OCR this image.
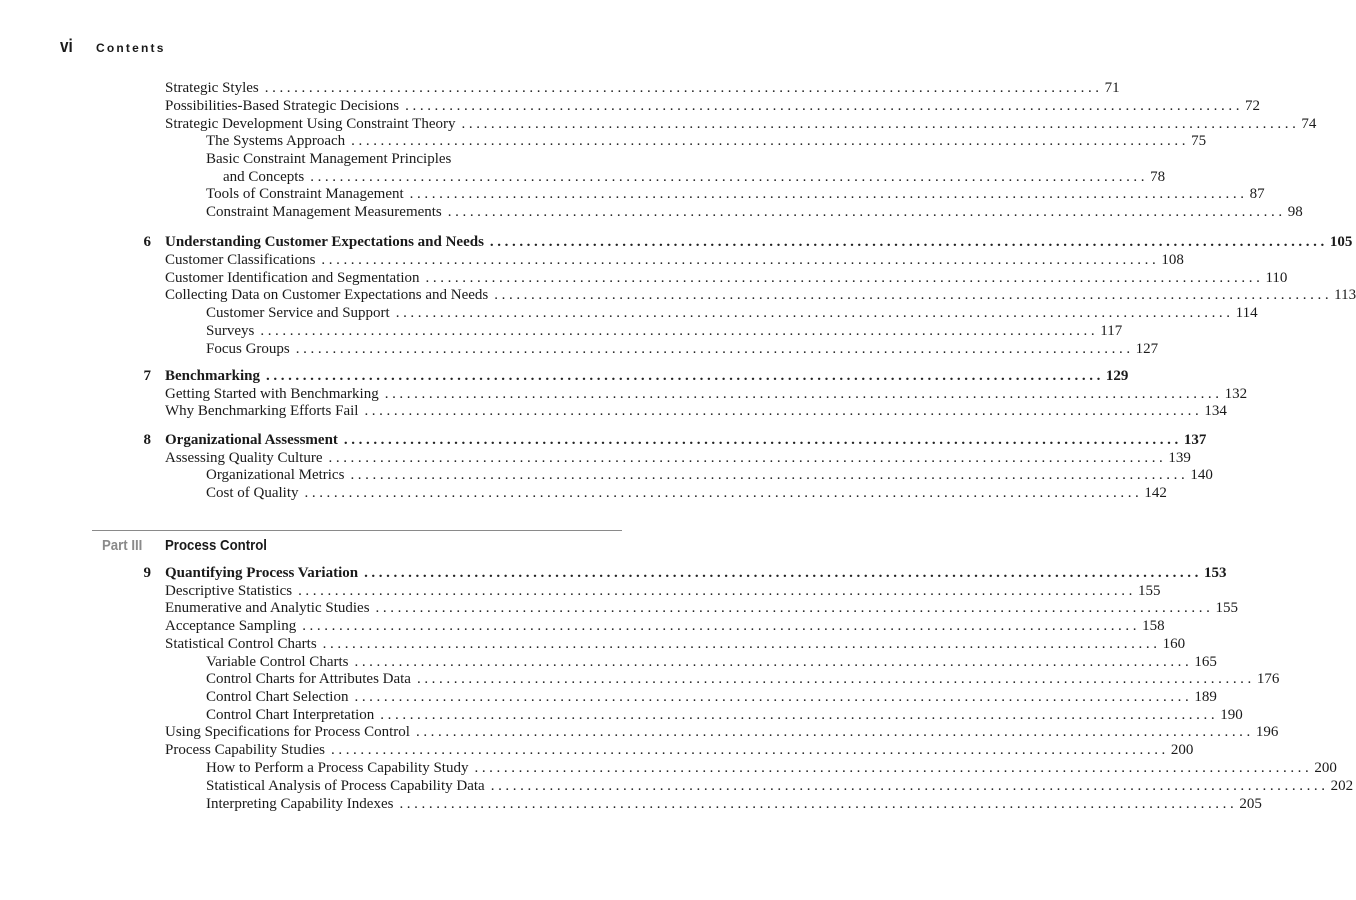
vi	Contents
Strategic Styles .................................................................................................................. 71
Possibilities-Based Strategic Decisions .................................................................................................................. 72
Strategic Development Using Constraint Theory .................................................................................................................. 74
The Systems Approach .................................................................................................................. 75
Basic Constraint Management Principles
and Concepts .................................................................................................................. 78
Tools of Constraint Management .................................................................................................................. 87
Constraint Management Measurements .................................................................................................................. 98
6 Understanding Customer Expectations and Needs .................................................................................................................. 105
Customer Classifications .................................................................................................................. 108
Customer Identification and Segmentation .................................................................................................................. 110
Collecting Data on Customer Expectations and Needs .................................................................................................................. 113
Customer Service and Support .................................................................................................................. 114
Surveys .................................................................................................................. 117
Focus Groups .................................................................................................................. 127
7 Benchmarking .................................................................................................................. 129
Getting Started with Benchmarking .................................................................................................................. 132
Why Benchmarking Efforts Fail .................................................................................................................. 134
8 Organizational Assessment .................................................................................................................. 137
Assessing Quality Culture .................................................................................................................. 139
Organizational Metrics .................................................................................................................. 140
Cost of Quality .................................................................................................................. 142
Part III Process Control
9 Quantifying Process Variation .................................................................................................................. 153
Descriptive Statistics .................................................................................................................. 155
Enumerative and Analytic Studies .................................................................................................................. 155
Acceptance Sampling .................................................................................................................. 158
Statistical Control Charts .................................................................................................................. 160
Variable Control Charts .................................................................................................................. 165
Control Charts for Attributes Data .................................................................................................................. 176
Control Chart Selection .................................................................................................................. 189
Control Chart Interpretation .................................................................................................................. 190
Using Specifications for Process Control .................................................................................................................. 196
Process Capability Studies .................................................................................................................. 200
How to Perform a Process Capability Study .................................................................................................................. 200
Statistical Analysis of Process Capability Data .................................................................................................................. 202
Interpreting Capability Indexes .................................................................................................................. 205
